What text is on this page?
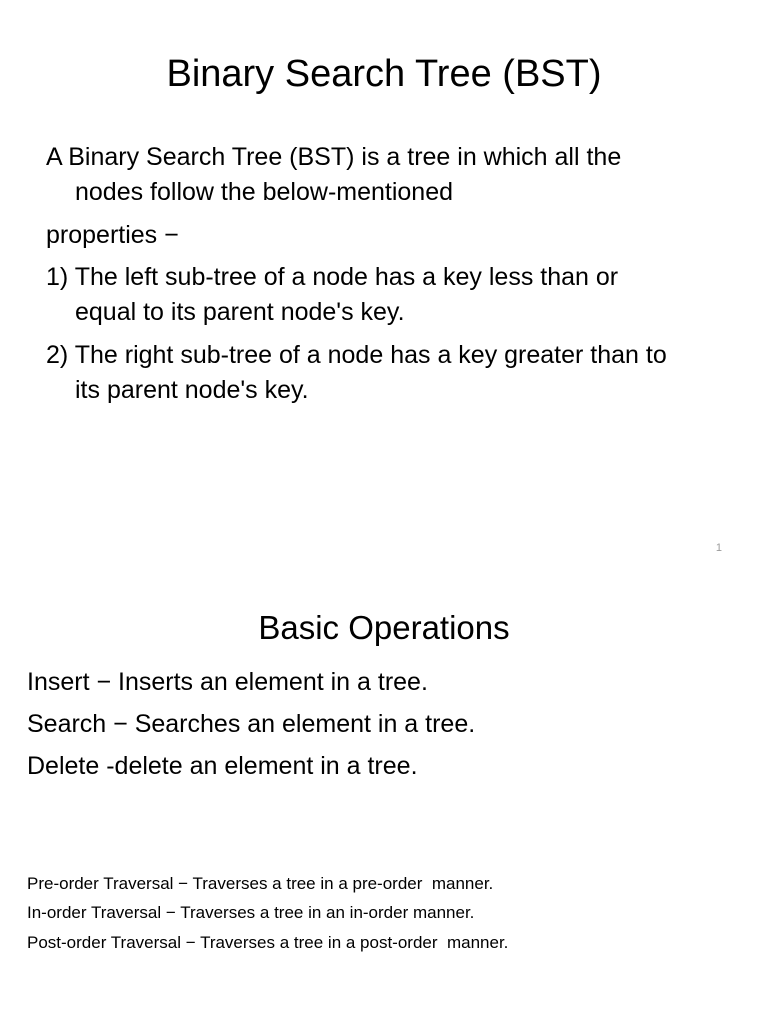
Binary Search Tree (BST)
A Binary Search Tree (BST) is a tree in which all the
nodes follow the below-mentioned
properties −
1) The left sub-tree of a node has a key less than or
equal to its parent node's key.
2) The right sub-tree of a node has a key greater than to
its parent node's key.
1
Basic Operations
Insert − Inserts an element in a tree.
Search − Searches an element in a tree.
Delete -delete an element in a tree.
Pre-order Traversal − Traverses a tree in a pre-order  manner.
In-order Traversal − Traverses a tree in an in-order manner.
Post-order Traversal − Traverses a tree in a post-order  manner.
